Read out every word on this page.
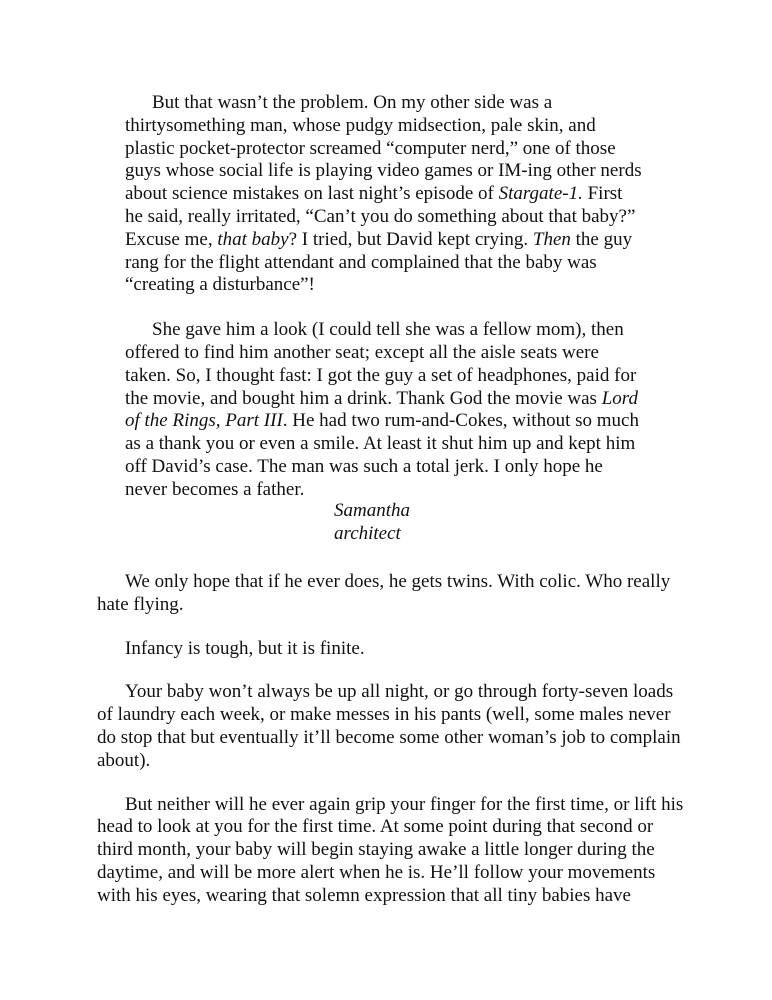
But that wasn’t the problem. On my other side was a thirtysomething man, whose pudgy midsection, pale skin, and plastic pocket-protector screamed “computer nerd,” one of those guys whose social life is playing video games or IM-ing other nerds about science mistakes on last night’s episode of Stargate-1. First he said, really irritated, “Can’t you do something about that baby?” Excuse me, that baby? I tried, but David kept crying. Then the guy rang for the flight attendant and complained that the baby was “creating a disturbance”!

She gave him a look (I could tell she was a fellow mom), then offered to find him another seat; except all the aisle seats were taken. So, I thought fast: I got the guy a set of headphones, paid for the movie, and bought him a drink. Thank God the movie was Lord of the Rings, Part III. He had two rum-and-Cokes, without so much as a thank you or even a smile. At least it shut him up and kept him off David’s case. The man was such a total jerk. I only hope he never becomes a father.

Samantha
architect

We only hope that if he ever does, he gets twins. With colic. Who really hate flying.

Infancy is tough, but it is finite.

Your baby won’t always be up all night, or go through forty-seven loads of laundry each week, or make messes in his pants (well, some males never do stop that but eventually it’ll become some other woman’s job to complain about).

But neither will he ever again grip your finger for the first time, or lift his head to look at you for the first time. At some point during that second or third month, your baby will begin staying awake a little longer during the daytime, and will be more alert when he is. He’ll follow your movements with his eyes, wearing that solemn expression that all tiny babies have
